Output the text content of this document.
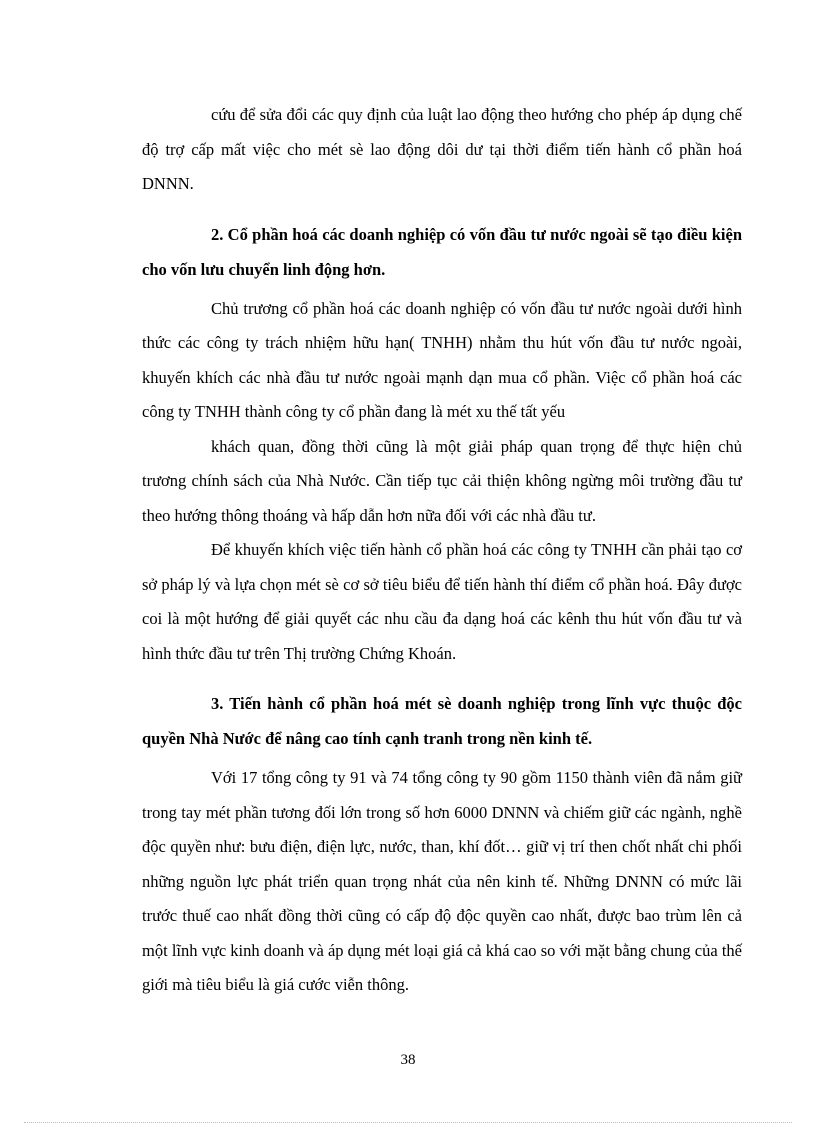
cứu để sửa đổi các quy định của luật lao động theo hướng cho phép áp dụng chế độ trợ cấp mất việc cho mét sè lao động dôi dư tại thời điểm tiến hành cổ phần hoá DNNN.

2. Cổ phần hoá các doanh nghiệp có vốn đầu tư nước ngoài sẽ tạo điều kiện cho vốn lưu chuyển linh động hơn.

Chủ trương cổ phần hoá các doanh nghiệp có vốn đầu tư nước ngoài dưới hình thức các công ty trách nhiệm hữu hạn( TNHH) nhằm thu hút vốn đầu tư nước ngoài, khuyến khích các nhà đầu tư nước ngoài mạnh dạn mua cổ phần. Việc cổ phần hoá các công ty TNHH thành công ty cổ phần đang là mét xu thế tất yếu

khách quan, đồng thời cũng là một giải pháp quan trọng để thực hiện chủ trương chính sách của Nhà Nước. Cần tiếp tục cải thiện không ngừng môi trường đầu tư theo hướng thông thoáng và hấp dẫn hơn nữa đối với các nhà đầu tư.

Để khuyến khích việc tiến hành cổ phần hoá các công ty TNHH cần phải tạo cơ sở pháp lý và lựa chọn mét sè cơ sở tiêu biểu để tiến hành thí điểm cổ phần hoá. Đây được coi là một hướng để giải quyết các nhu cầu đa dạng hoá các kênh thu hút vốn đầu tư và hình thức đầu tư trên Thị trường Chứng Khoán.

3. Tiến hành cổ phần hoá mét sè doanh nghiệp trong lĩnh vực thuộc độc quyền Nhà Nước để nâng cao tính cạnh tranh trong nền kinh tế.

Với 17 tổng công ty 91 và 74 tổng công ty 90 gồm 1150 thành viên đã nắm giữ trong tay mét phần tương đối lớn trong số hơn 6000 DNNN và chiếm giữ các ngành, nghề độc quyền như: bưu điện, điện lực, nước, than, khí đốt… giữ vị trí then chốt nhất chi phối những nguồn lực phát triển quan trọng nhát của nên kinh tế. Những DNNN có mức lãi trước thuế cao nhất đồng thời cũng có cấp độ độc quyền cao nhất, được bao trùm lên cả một lĩnh vực kinh doanh và áp dụng mét loại giá cả khá cao so với mặt bằng chung của thế giới mà tiêu biểu là giá cước viễn thông.

38
